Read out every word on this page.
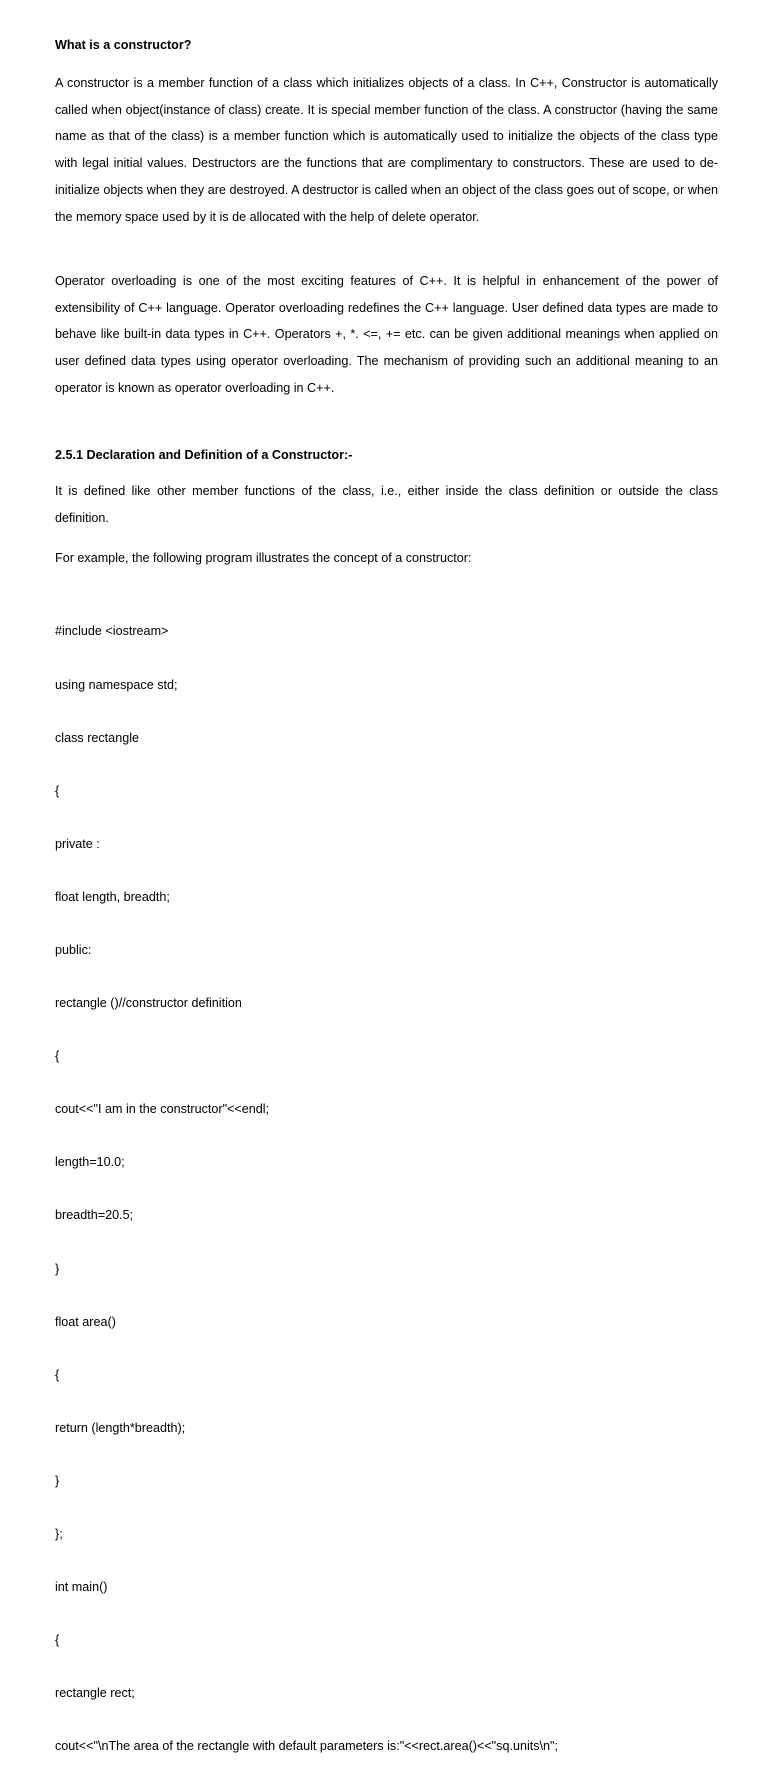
What is a constructor?
A constructor is a member function of a class which initializes objects of a class. In C++, Constructor is automatically called when object(instance of class) create. It is special member function of the class. A constructor (having the same name as that of the class) is a member function which is automatically used to initialize the objects of the class type with legal initial values. Destructors are the functions that are complimentary to constructors. These are used to de-initialize objects when they are destroyed. A destructor is called when an object of the class goes out of scope, or when the memory space used by it is de allocated with the help of delete operator.
Operator overloading is one of the most exciting features of C++. It is helpful in enhancement of the power of extensibility of C++ language. Operator overloading redefines the C++ language. User defined data types are made to behave like built-in data types in C++. Operators +, *. <=, += etc. can be given additional meanings when applied on user defined data types using operator overloading. The mechanism of providing such an additional meaning to an operator is known as operator overloading in C++.
2.5.1 Declaration and Definition of a Constructor:-
It is defined like other member functions of the class, i.e., either inside the class definition or outside the class definition.
For example, the following program illustrates the concept of a constructor:

#include <iostream>

using namespace std;

class rectangle

{

private :

float length, breadth;

public:

rectangle ()//constructor definition

{

cout<<"I am in the constructor"<<endl;

length=10.0;

breadth=20.5;

}

float area()

{

return (length*breadth);

}

};

int main()

{

rectangle rect;

cout<<"\nThe area of the rectangle with default parameters is:"<<rect.area()<<"sq.units\n";
